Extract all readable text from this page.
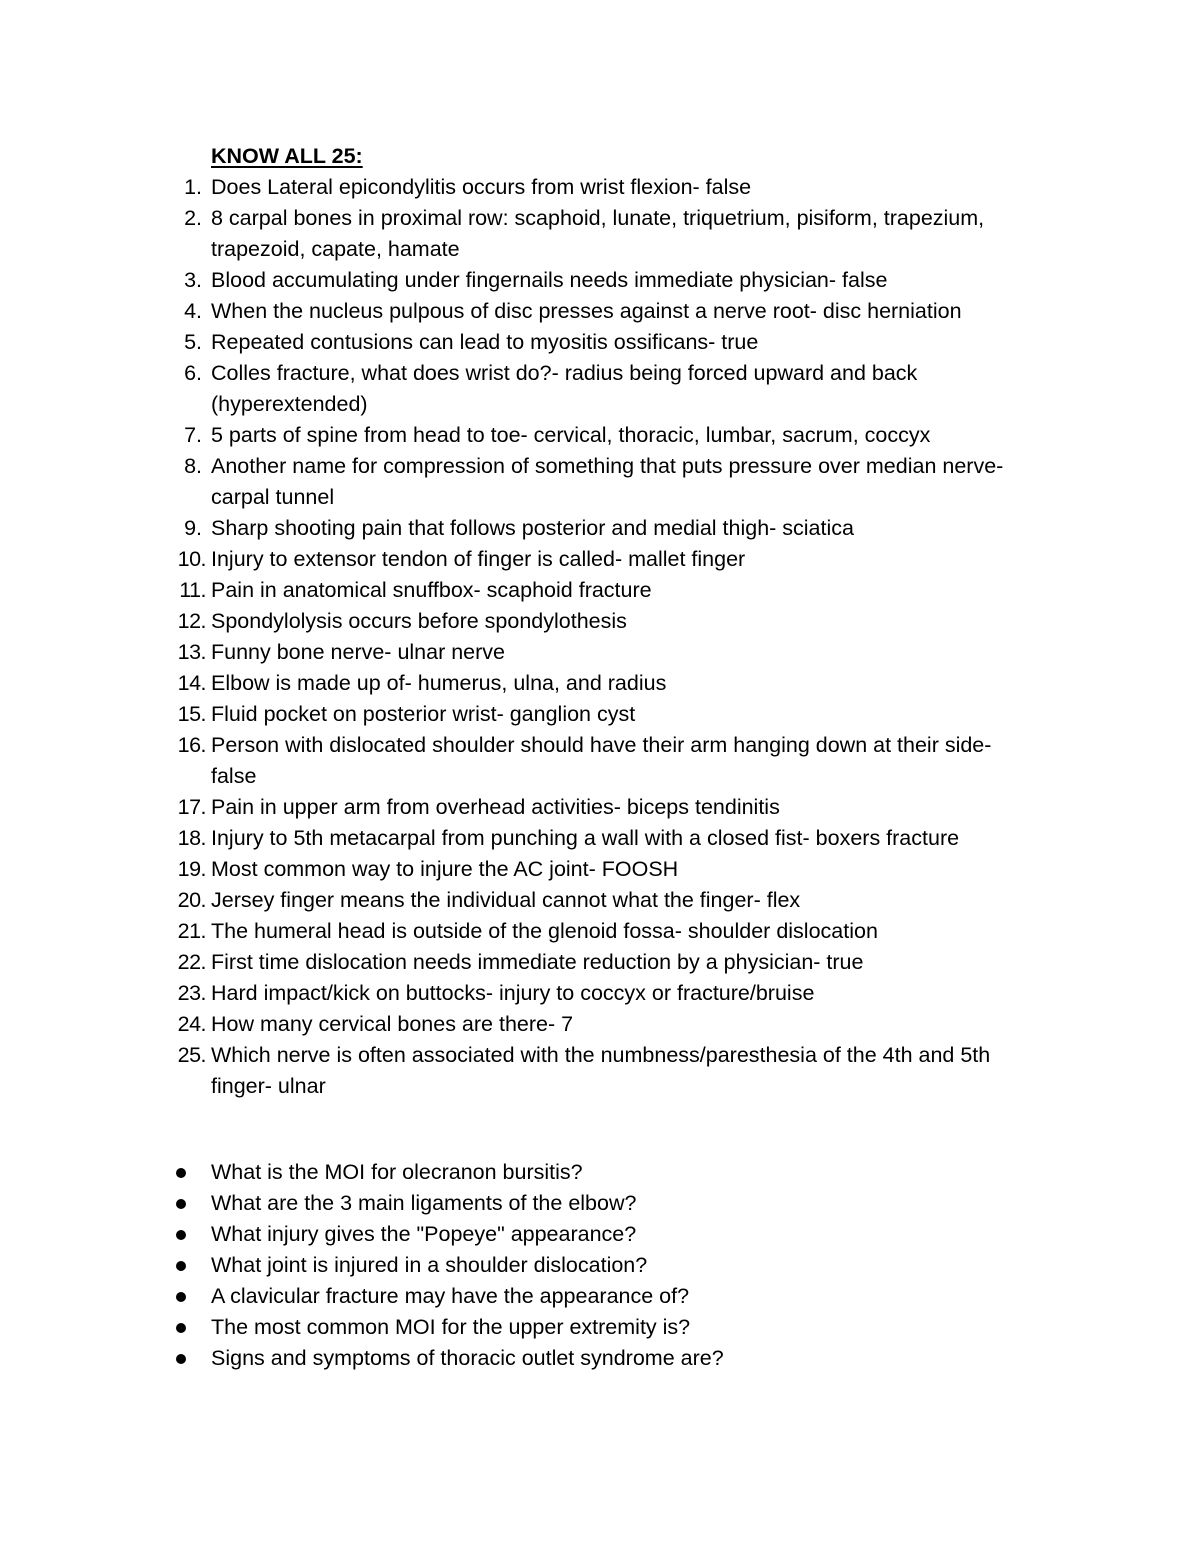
KNOW ALL 25:
1. Does Lateral epicondylitis occurs from wrist flexion- false
2. 8 carpal bones in proximal row: scaphoid, lunate, triquetrium, pisiform, trapezium, trapezoid, capate, hamate
3. Blood accumulating under fingernails needs immediate physician- false
4. When the nucleus pulpous of disc presses against a nerve root- disc herniation
5. Repeated contusions can lead to myositis ossificans- true
6. Colles fracture, what does wrist do?- radius being forced upward and back (hyperextended)
7. 5 parts of spine from head to toe- cervical, thoracic, lumbar, sacrum, coccyx
8. Another name for compression of something that puts pressure over median nerve- carpal tunnel
9. Sharp shooting pain that follows posterior and medial thigh- sciatica
10. Injury to extensor tendon of finger is called- mallet finger
11. Pain in anatomical snuffbox- scaphoid fracture
12. Spondylolysis occurs before spondylothesis
13. Funny bone nerve- ulnar nerve
14. Elbow is made up of- humerus, ulna, and radius
15. Fluid pocket on posterior wrist- ganglion cyst
16. Person with dislocated shoulder should have their arm hanging down at their side- false
17. Pain in upper arm from overhead activities- biceps tendinitis
18. Injury to 5th metacarpal from punching a wall with a closed fist- boxers fracture
19. Most common way to injure the AC joint- FOOSH
20. Jersey finger means the individual cannot what the finger- flex
21. The humeral head is outside of the glenoid fossa- shoulder dislocation
22. First time dislocation needs immediate reduction by a physician- true
23. Hard impact/kick on buttocks- injury to coccyx or fracture/bruise
24. How many cervical bones are there- 7
25. Which nerve is often associated with the numbness/paresthesia of the 4th and 5th finger- ulnar
What is the MOI for olecranon bursitis?
What are the 3 main ligaments of the elbow?
What injury gives the "Popeye" appearance?
What joint is injured in a shoulder dislocation?
A clavicular fracture may have the appearance of?
The most common MOI for the upper extremity is?
Signs and symptoms of thoracic outlet syndrome are?
